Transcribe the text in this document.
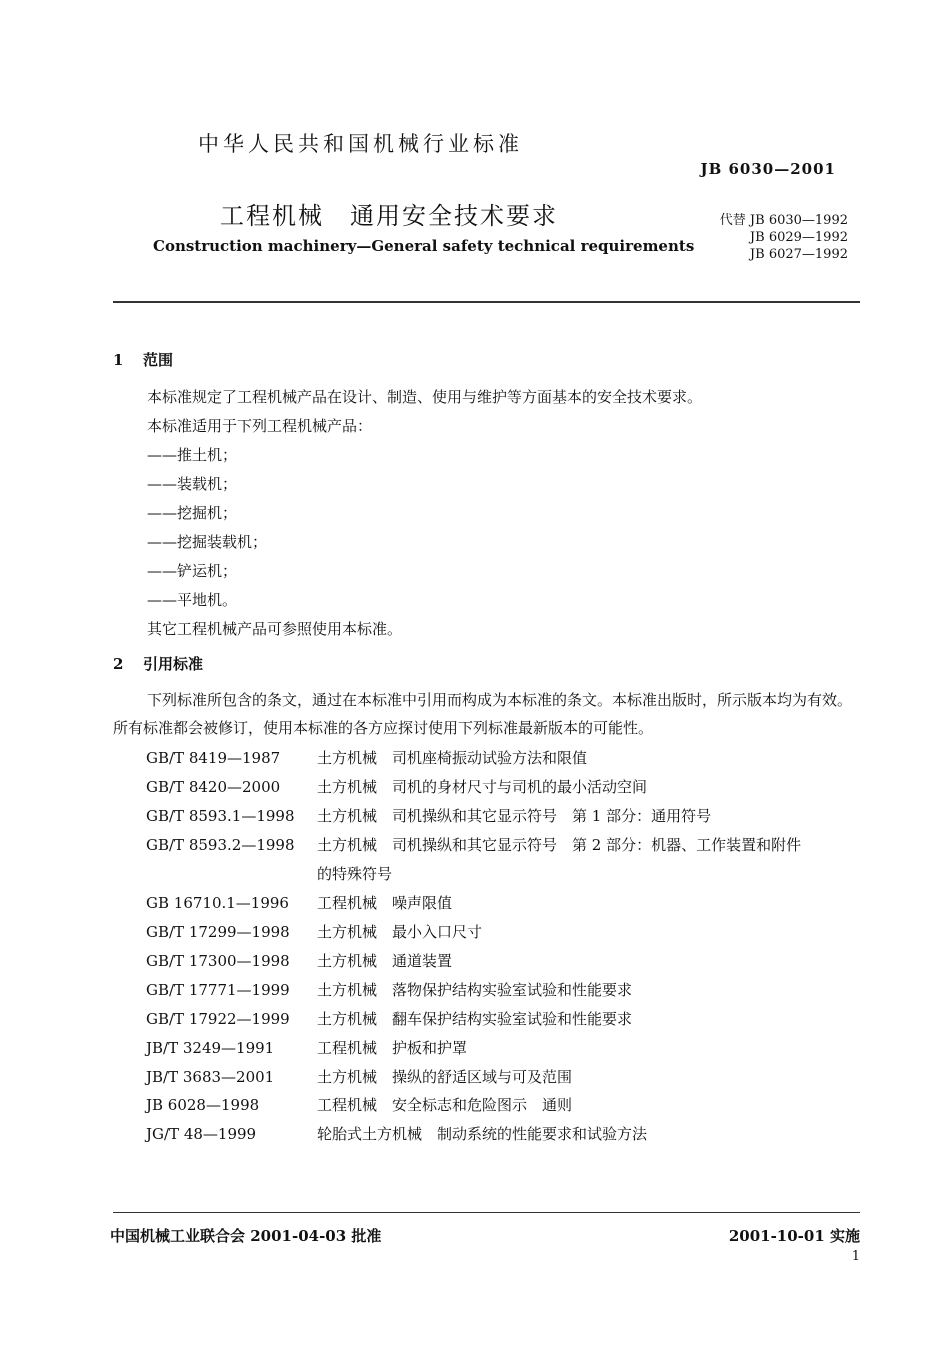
中华人民共和国机械行业标准
JB 6030—2001
工程机械　通用安全技术要求	代替 JB 6030—1992
JB 6029—1992
JB 6027—1992
Construction machinery—General safety technical requirements
1 范围
本标准规定了工程机械产品在设计、制造、使用与维护等方面基本的安全技术要求。
本标准适用于下列工程机械产品：
——推土机；
——装载机；
——挖掘机；
——挖掘装载机；
——铲运机；
——平地机。
其它工程机械产品可参照使用本标准。
2 引用标准
下列标准所包含的条文，通过在本标准中引用而构成为本标准的条文。本标准出版时，所示版本均为有效。所有标准都会被修订，使用本标准的各方应探讨使用下列标准最新版本的可能性。
GB/T 8419—1987 土方机械　司机座椅振动试验方法和限值
GB/T 8420—2000 土方机械　司机的身材尺寸与司机的最小活动空间
GB/T 8593.1—1998 土方机械　司机操纵和其它显示符号　第 1 部分：通用符号
GB/T 8593.2—1998 土方机械　司机操纵和其它显示符号　第 2 部分：机器、工作装置和附件
的特殊符号
GB 16710.1—1996 工程机械　噪声限值
GB/T 17299—1998 土方机械　最小入口尺寸
GB/T 17300—1998 土方机械　通道装置
GB/T 17771—1999 土方机械　落物保护结构实验室试验和性能要求
GB/T 17922—1999 土方机械　翻车保护结构实验室试验和性能要求
JB/T 3249—1991	工程机械　护板和护罩
JB/T 3683—2001	土方机械　操纵的舒适区域与可及范围
JB 6028—1998	工程机械　安全标志和危险图示　通则
JG/T 48—1999	轮胎式土方机械　制动系统的性能要求和试验方法
中国机械工业联合会 2001-04-03 批准	2001-10-01 实施
1
